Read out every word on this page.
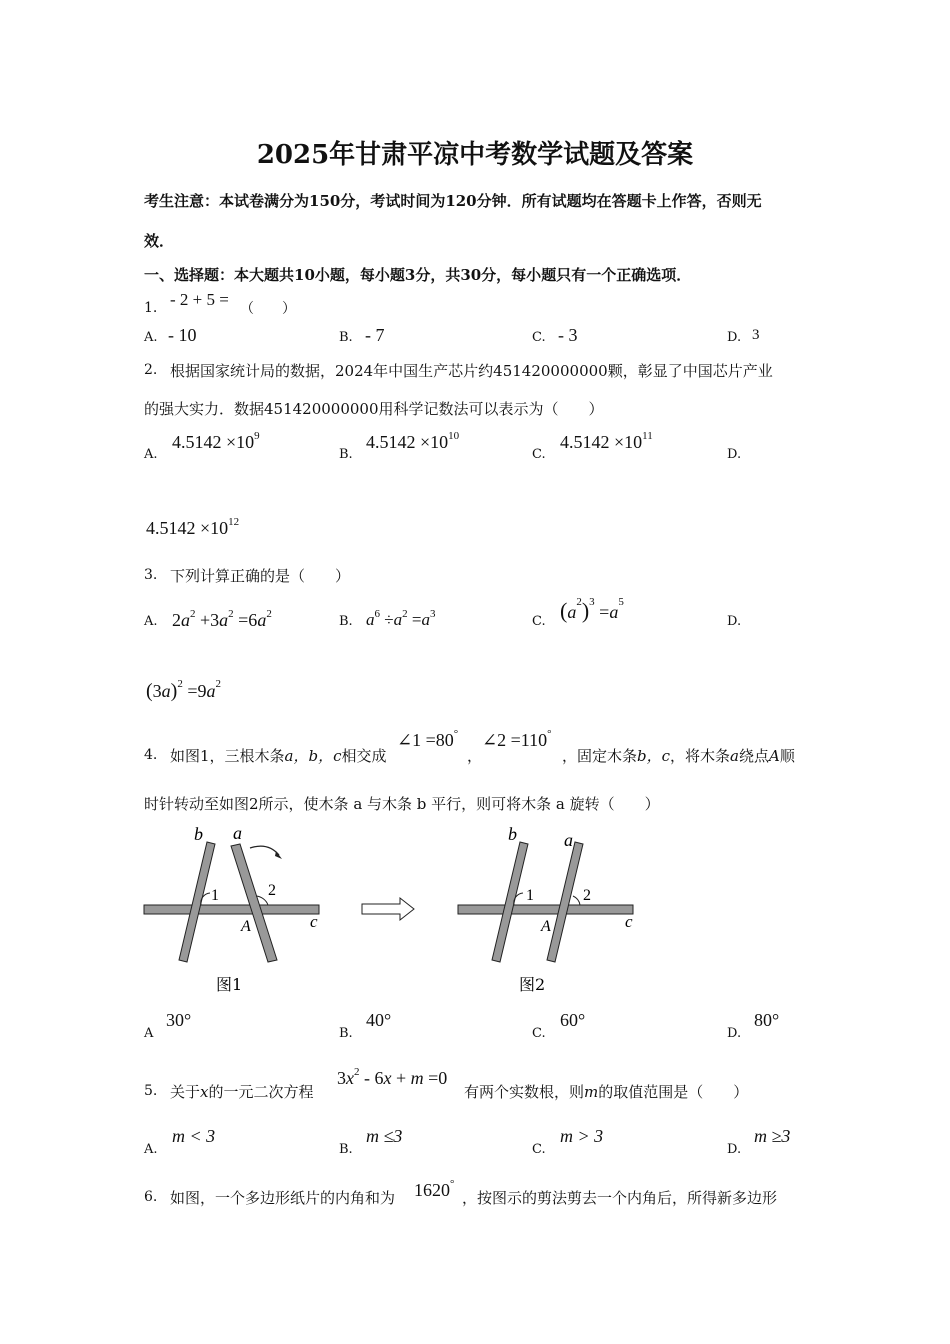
2025年甘肃平凉中考数学试题及答案
考生注意：本试卷满分为150分，考试时间为120分钟．所有试题均在答题卡上作答，否则无
效．
一、选择题：本大题共10小题，每小题3分，共30分，每小题只有一个正确选项．
1. - 2 + 5 = （　　）
A. - 10	B. - 7	C. - 3	D. 3
2. 根据国家统计局的数据，2024年中国生产芯片约451420000000颗，彰显了中国芯片产业
的强大实力．数据451420000000用科学记数法可以表示为（　　）
A.
$4.5142 \times 10^9$
B.
$4.5142 \times 10^{10}$
C.
$4.5142 \times 10^{11}$
D.
$4.5142 \times 10^{12}$
3. 下列计算正确的是（　　）
A. $2a^2 +3a^2 =6a^2$	B. $a^6 \div a^2 =a^3$	C. $(a^2)^3 =a^5$
D.
$(3a)^2 =9a^2$
4. 如图1，三根木条a，b，c相交成
∠1 =80°
，
∠2 =110°
，固定木条b，c，将木条a绕点A顺
时针转动至如图2所示，使木条 a 与木条 b 平行，则可将木条 a 旋转（　　）
b a
1	2
A	c
图1
b	a
1	2
A	c
图2
A
30°
B.
40°
C.
60°
D.
80°
5. 关于x的一元二次方程
$3x^2 - 6x + m =0$
有两个实数根，则m的取值范围是（　　）
A.
m < 3
B.
m ≤3
C.
m > 3
D.
m ≥3
6. 如图，一个多边形纸片的内角和为 1620°
，按图示的剪法剪去一个内角后，所得新多边形
